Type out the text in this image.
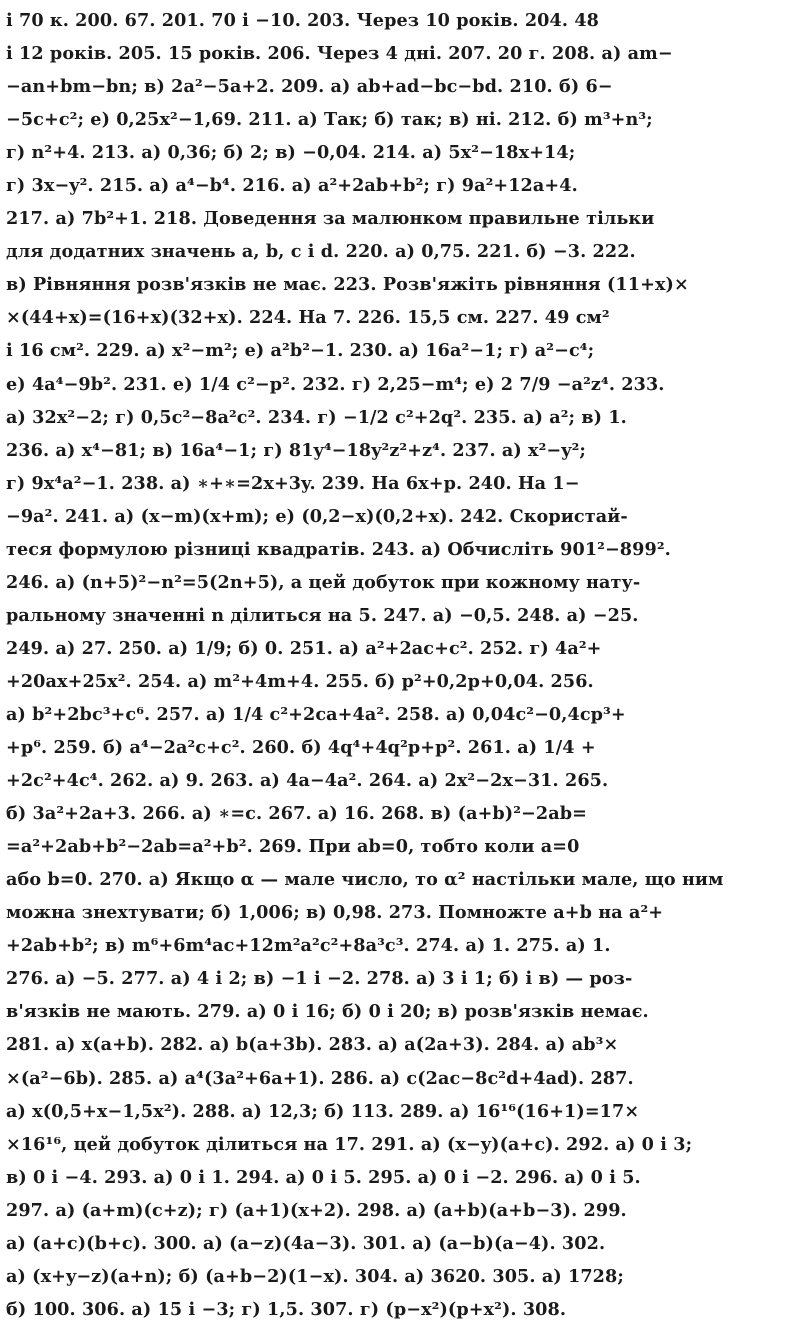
і 70 к. 200. 67. 201. 70 і −10. 203. Через 10 років. 204. 48
і 12 років. 205. 15 років. 206. Через 4 дні. 207. 20 г. 208. а) am−
−an+bm−bn; в) 2a²−5a+2. 209. а) ab+ad−bc−bd. 210. б) 6−
−5c+c²; е) 0,25x²−1,69. 211. а) Так; б) так; в) ні. 212. б) m³+n³;
г) n²+4. 213. а) 0,36; б) 2; в) −0,04. 214. а) 5x²−18x+14;
г) 3x−y². 215. а) a⁴−b⁴. 216. а) a²+2ab+b²; г) 9a²+12a+4.
217. а) 7b²+1. 218. Доведення за малюнком правильне тільки
для додатних значень a, b, c і d. 220. а) 0,75. 221. б) −3. 222.
в) Рівняння розв'язків не має. 223. Розв'яжіть рівняння (11+x)×
×(44+x)=(16+x)(32+x). 224. На 7. 226. 15,5 см. 227. 49 см²
і 16 см². 229. а) x²−m²; е) a²b²−1. 230. а) 16a²−1; г) a²−c⁴;
е) 4a⁴−9b². 231. е) 1/4 c²−p². 232. г) 2,25−m⁴; е) 2 7/9 −a²z⁴. 233.
а) 32x²−2; г) 0,5c²−8a²c². 234. г) −1/2 c²+2q². 235. а) a²; в) 1.
236. а) x⁴−81; в) 16a⁴−1; г) 81y⁴−18y²z²+z⁴. 237. а) x²−y²;
г) 9x⁴a²−1. 238. а) ∗+∗=2x+3y. 239. На 6x+p. 240. На 1−
−9a². 241. а) (x−m)(x+m); е) (0,2−x)(0,2+x). 242. Скористай-
теся формулою різниці квадратів. 243. а) Обчисліть 901²−899².
246. а) (n+5)²−n²=5(2n+5), а цей добуток при кожному нату-
ральному значенні n ділиться на 5. 247. а) −0,5. 248. а) −25.
249. а) 27. 250. а) 1/9; б) 0. 251. а) a²+2ac+c². 252. г) 4a²+
+20ax+25x². 254. а) m²+4m+4. 255. б) p²+0,2p+0,04. 256.
а) b²+2bc³+c⁶. 257. а) 1/4 c²+2ca+4a². 258. а) 0,04c²−0,4cp³+
+p⁶. 259. б) a⁴−2a²c+c². 260. б) 4q⁴+4q²p+p². 261. а) 1/4 +
+2c²+4c⁴. 262. а) 9. 263. а) 4a−4a². 264. а) 2x²−2x−31. 265.
б) 3a²+2a+3. 266. а) ∗=c. 267. а) 16. 268. в) (a+b)²−2ab=
=a²+2ab+b²−2ab=a²+b². 269. При ab=0, тобто коли a=0
або b=0. 270. а) Якщо α — мале число, то α² настільки мале, що ним
можна знехтувати; б) 1,006; в) 0,98. 273. Помножте a+b на a²+
+2ab+b²; в) m⁶+6m⁴ac+12m²a²c²+8a³c³. 274. а) 1. 275. а) 1.
276. а) −5. 277. а) 4 і 2; в) −1 і −2. 278. а) 3 і 1; б) і в) — роз-
в'язків не мають. 279. а) 0 і 16; б) 0 і 20; в) розв'язків немає.
281. а) x(a+b). 282. а) b(a+3b). 283. а) a(2a+3). 284. а) ab³×
×(a²−6b). 285. а) a⁴(3a²+6a+1). 286. а) c(2ac−8c²d+4ad). 287.
а) x(0,5+x−1,5x²). 288. а) 12,3; б) 113. 289. а) 16¹⁶(16+1)=17×
×16¹⁶, цей добуток ділиться на 17. 291. а) (x−y)(a+c). 292. а) 0 і 3;
в) 0 і −4. 293. а) 0 і 1. 294. а) 0 і 5. 295. а) 0 і −2. 296. а) 0 і 5.
297. а) (a+m)(c+z); г) (a+1)(x+2). 298. а) (a+b)(a+b−3). 299.
а) (a+c)(b+c). 300. а) (a−z)(4a−3). 301. а) (a−b)(a−4). 302.
а) (x+y−z)(a+n); б) (a+b−2)(1−x). 304. а) 3620. 305. а) 1728;
б) 100. 306. а) 15 і −3; г) 1,5. 307. г) (p−x²)(p+x²). 308.
